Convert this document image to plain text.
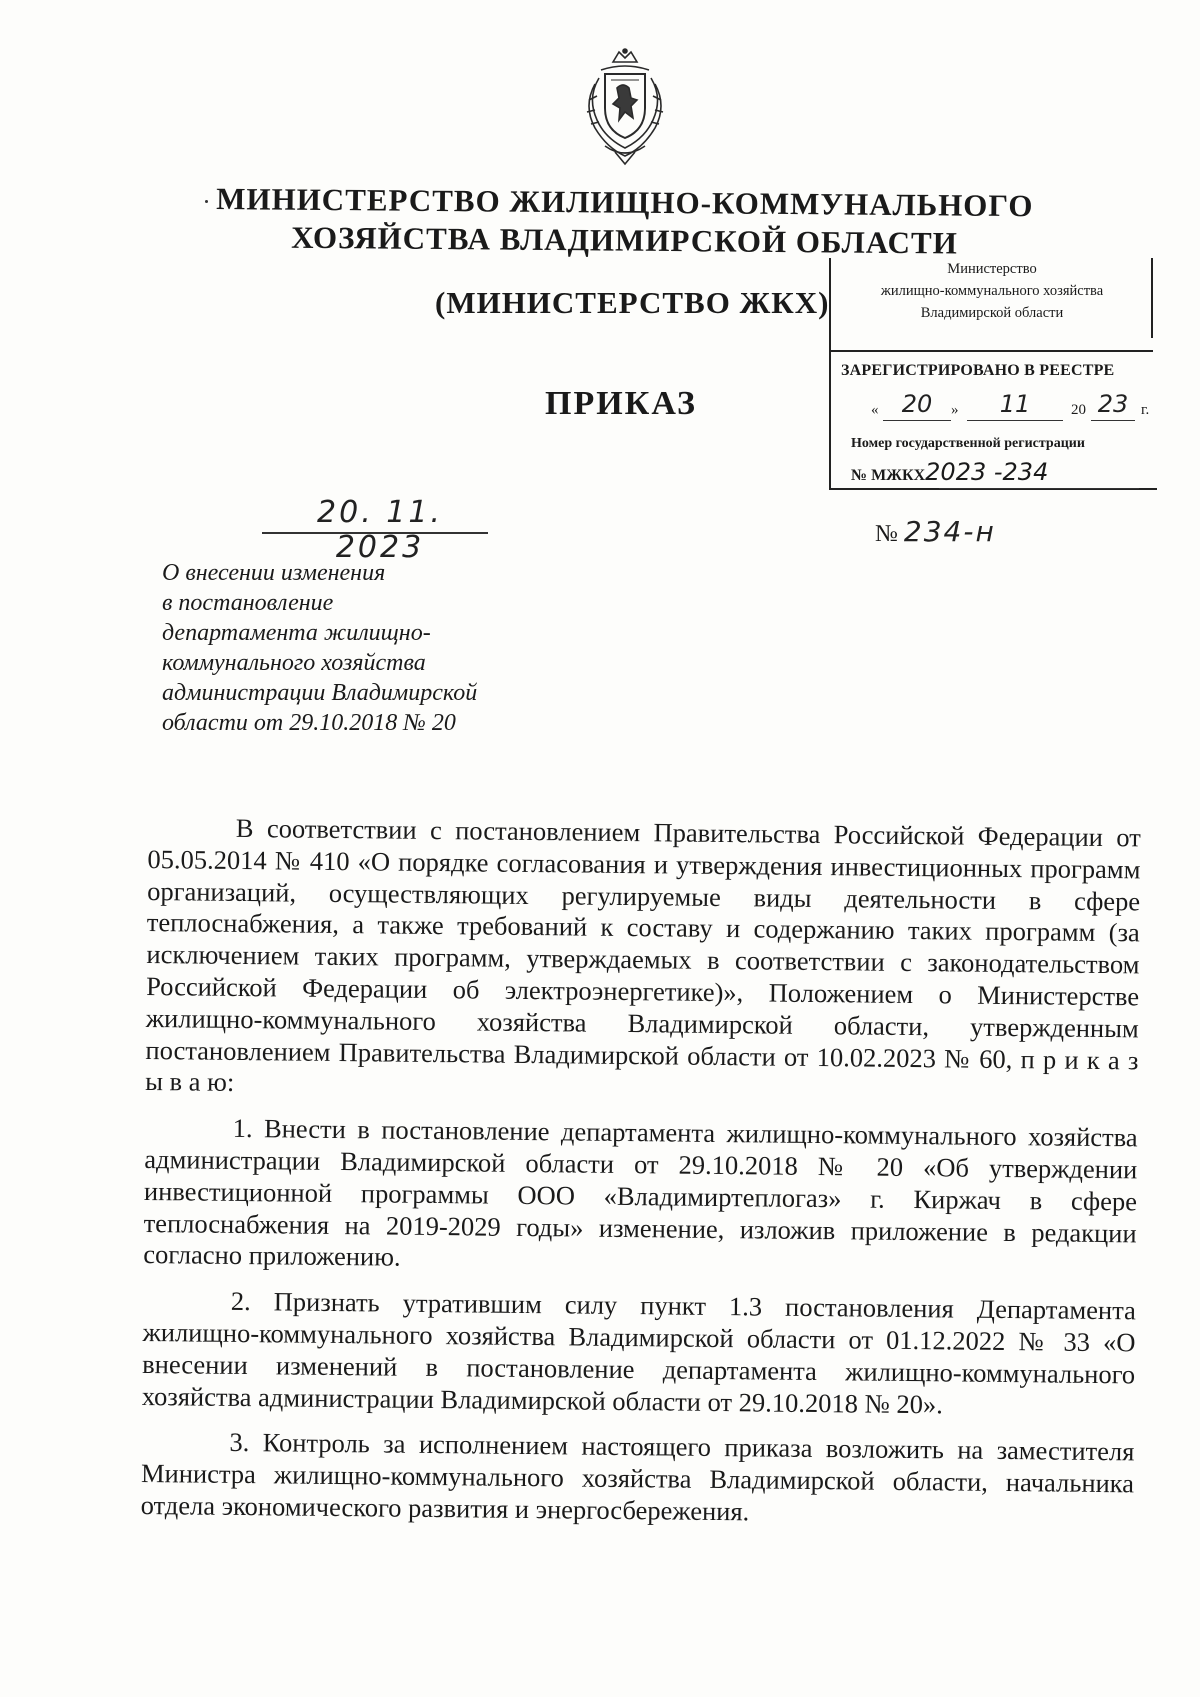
МИНИСТЕРСТВО ЖИЛИЩНО-КОММУНАЛЬНОГО
ХОЗЯЙСТВА ВЛАДИМИРСКОЙ ОБЛАСТИ
(МИНИСТЕРСТВО ЖКХ)
ПРИКАЗ
Министерство
жилищно-коммунального хозяйства
Владимирской области
ЗАРЕГИСТРИРОВАНО В РЕЕСТРЕ
« 20	»	11	20 23 г.
Номер государственной регистрации
№ МЖКХ2023 -234
20. 11. 2023	№ 234-н
О внесении изменения
в постановление
департамента жилищно-
коммунального хозяйства
администрации Владимирской
области от 29.10.2018 № 20

В соответствии с постановлением Правительства Российской Федерации от 05.05.2014 № 410 «О порядке согласования и утверждения инвестиционных программ организаций, осуществляющих регулируемые виды деятельности в сфере теплоснабжения, а также требований к составу и содержанию таких программ (за исключением таких программ, утверждаемых в соответствии с законодательством Российской Федерации об электроэнергетике)», Положением о Министерстве жилищно-коммунального хозяйства Владимирской области, утвержденным постановлением Правительства Владимирской области от 10.02.2023 № 60, п р и к а з ы в а ю:

1. Внести в постановление департамента жилищно-коммунального хозяйства администрации Владимирской области от 29.10.2018 № 20 «Об утверждении инвестиционной программы ООО «Владимиртеплогаз» г. Киржач в сфере теплоснабжения на 2019-2029 годы» изменение, изложив приложение в редакции согласно приложению.

2. Признать утратившим силу пункт 1.3 постановления Департамента жилищно-коммунального хозяйства Владимирской области от 01.12.2022 № 33 «О внесении изменений в постановление департамента жилищно-коммунального хозяйства администрации Владимирской области от 29.10.2018 № 20».

3. Контроль за исполнением настоящего приказа возложить на заместителя Министра жилищно-коммунального хозяйства Владимирской области, начальника отдела экономического развития и энергосбережения.
